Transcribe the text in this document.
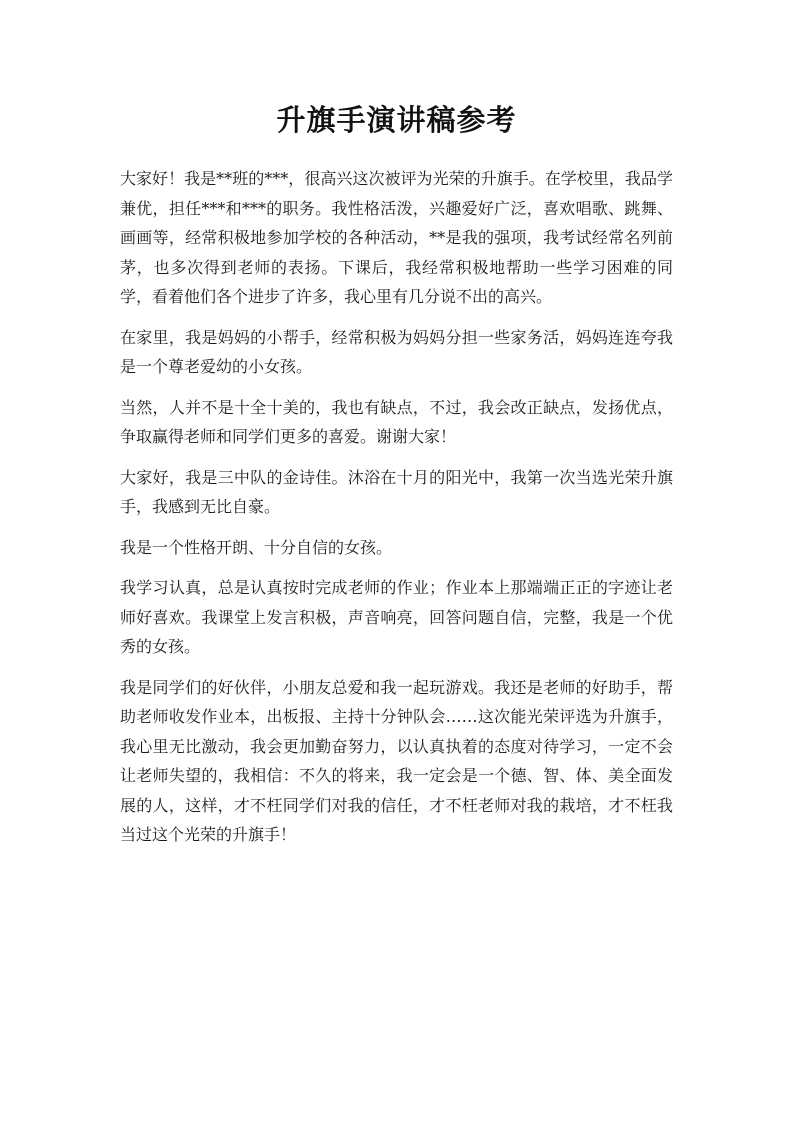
升旗手演讲稿参考

大家好！我是**班的***，很高兴这次被评为光荣的升旗手。在学校里，我品学兼优，担任***和***的职务。我性格活泼，兴趣爱好广泛，喜欢唱歌、跳舞、画画等，经常积极地参加学校的各种活动，**是我的强项，我考试经常名列前茅，也多次得到老师的表扬。下课后，我经常积极地帮助一些学习困难的同学，看着他们各个进步了许多，我心里有几分说不出的高兴。

在家里，我是妈妈的小帮手，经常积极为妈妈分担一些家务活，妈妈连连夸我是一个尊老爱幼的小女孩。

当然，人并不是十全十美的，我也有缺点，不过，我会改正缺点，发扬优点，争取赢得老师和同学们更多的喜爱。谢谢大家！

大家好，我是三中队的金诗佳。沐浴在十月的阳光中，我第一次当选光荣升旗手，我感到无比自豪。

我是一个性格开朗、十分自信的女孩。

我学习认真，总是认真按时完成老师的作业；作业本上那端端正正的字迹让老师好喜欢。我课堂上发言积极，声音响亮，回答问题自信，完整，我是一个优秀的女孩。

我是同学们的好伙伴，小朋友总爱和我一起玩游戏。我还是老师的好助手，帮助老师收发作业本，出板报、主持十分钟队会……这次能光荣评选为升旗手，我心里无比激动，我会更加勤奋努力，以认真执着的态度对待学习，一定不会让老师失望的，我相信：不久的将来，我一定会是一个德、智、体、美全面发展的人，这样，才不枉同学们对我的信任，才不枉老师对我的栽培，才不枉我当过这个光荣的升旗手！
